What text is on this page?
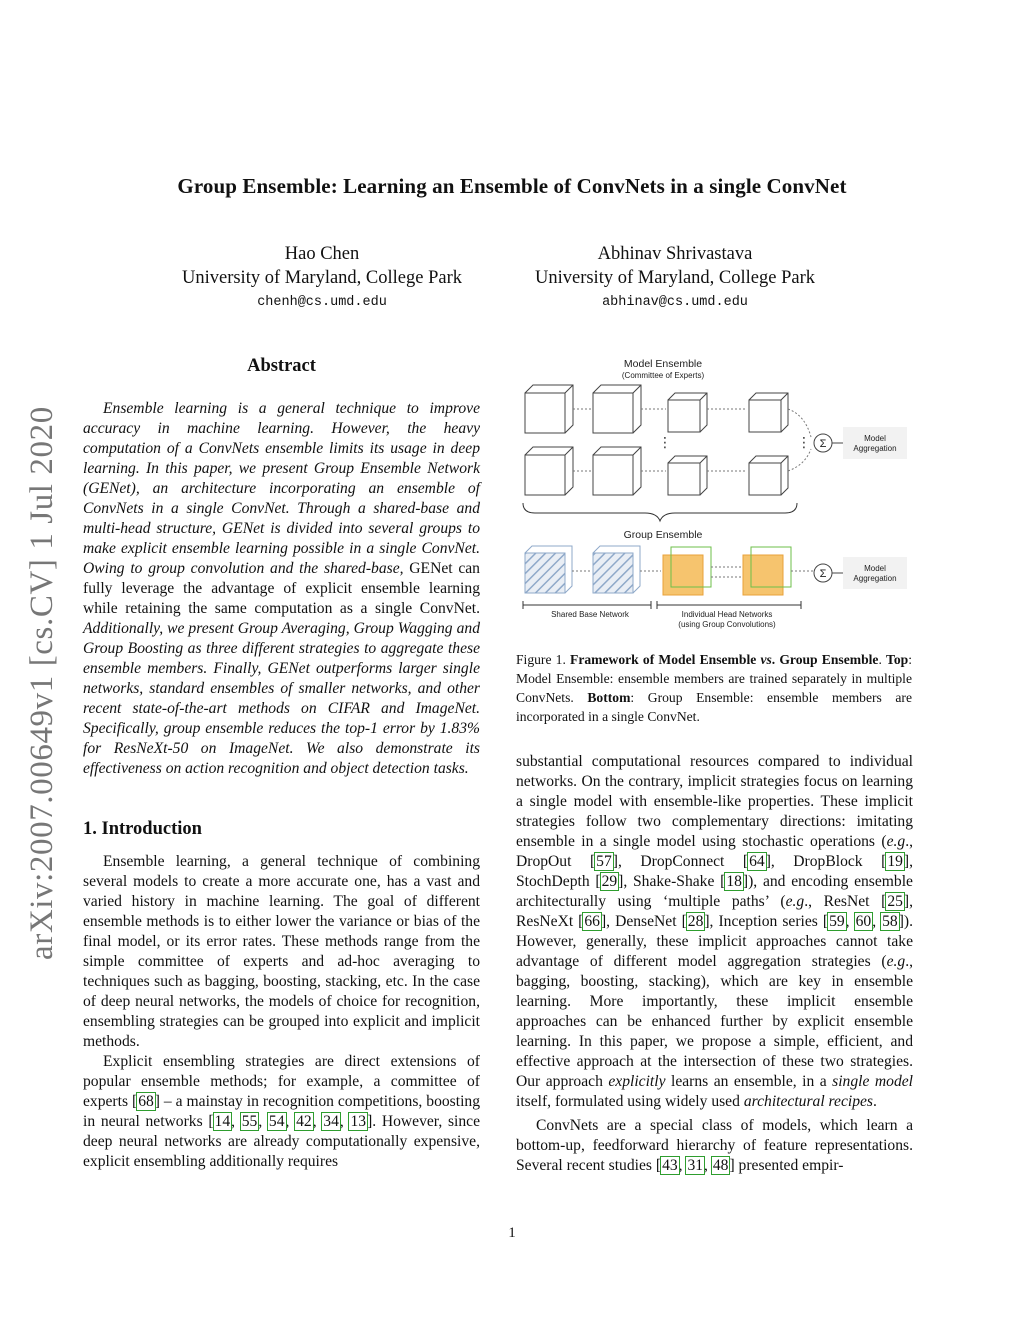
Group Ensemble: Learning an Ensemble of ConvNets in a single ConvNet
Hao Chen
University of Maryland, College Park
chenh@cs.umd.edu
Abhinav Shrivastava
University of Maryland, College Park
abhinav@cs.umd.edu
arXiv:2007.00649v1 [cs.CV] 1 Jul 2020
Abstract

Ensemble learning is a general technique to improve accuracy in machine learning. However, the heavy computation of a ConvNets ensemble limits its usage in deep learning. In this paper, we present Group Ensemble Network (GENet), an architecture incorporating an ensemble of ConvNets in a single ConvNet. Through a shared-base and multi-head structure, GENet is divided into several groups to make explicit ensemble learning possible in a single ConvNet. Owing to group convolution and the shared-base, GENet can fully leverage the advantage of explicit ensemble learning while retaining the same computation as a single ConvNet. Additionally, we present Group Averaging, Group Wagging and Group Boosting as three different strategies to aggregate these ensemble members. Finally, GENet outperforms larger single networks, standard ensembles of smaller networks, and other recent state-of-the-art methods on CIFAR and ImageNet. Specifically, group ensemble reduces the top-1 error by 1.83% for ResNeXt-50 on ImageNet. We also demonstrate its effectiveness on action recognition and object detection tasks.

1. Introduction

Ensemble learning, a general technique of combining several models to create a more accurate one, has a vast and varied history in machine learning. The goal of different ensemble methods is to either lower the variance or bias of the final model, or its error rates. These methods range from the simple committee of experts and ad-hoc averaging to techniques such as bagging, boosting, stacking, etc. In the case of deep neural networks, the models of choice for recognition, ensembling strategies can be grouped into explicit and implicit methods.

Explicit ensembling strategies are direct extensions of popular ensemble methods; for example, a committee of experts [68] – a mainstay in recognition competitions, boosting in neural networks [14, 55, 54, 42, 34, 13]. However, since deep neural networks are already computationally expensive, explicit ensembling additionally requires

Model Ensemble
(Committee of Experts)
⋮	⋮ Σ	Model
Aggregation
Group Ensemble
Σ	Model
Aggregation
Shared Base Network	Individual Head Networks
(using Group Convolutions)
Figure 1. Framework of Model Ensemble vs. Group Ensemble. Top: Model Ensemble: ensemble members are trained separately in multiple ConvNets. Bottom: Group Ensemble: ensemble members are incorporated in a single ConvNet.

substantial computational resources compared to individual networks. On the contrary, implicit strategies focus on learning a single model with ensemble-like properties. These implicit strategies follow two complementary directions: imitating ensemble in a single model using stochastic operations (e.g., DropOut [57], DropConnect [64], DropBlock [19], StochDepth [29], Shake-Shake [18]), and encoding ensemble architecturally using ‘multiple paths’ (e.g., ResNet [25], ResNeXt [66], DenseNet [28], Inception series [59, 60, 58]). However, generally, these implicit approaches cannot take advantage of different model aggregation strategies (e.g., bagging, boosting, stacking), which are key in ensemble learning. More importantly, these implicit ensemble approaches can be enhanced further by explicit ensemble learning. In this paper, we propose a simple, efficient, and effective approach at the intersection of these two strategies. Our approach explicitly learns an ensemble, in a single model itself, formulated using widely used architectural recipes.

ConvNets are a special class of models, which learn a bottom-up, feedforward hierarchy of feature representations. Several recent studies [43, 31, 48] presented empir-

1
